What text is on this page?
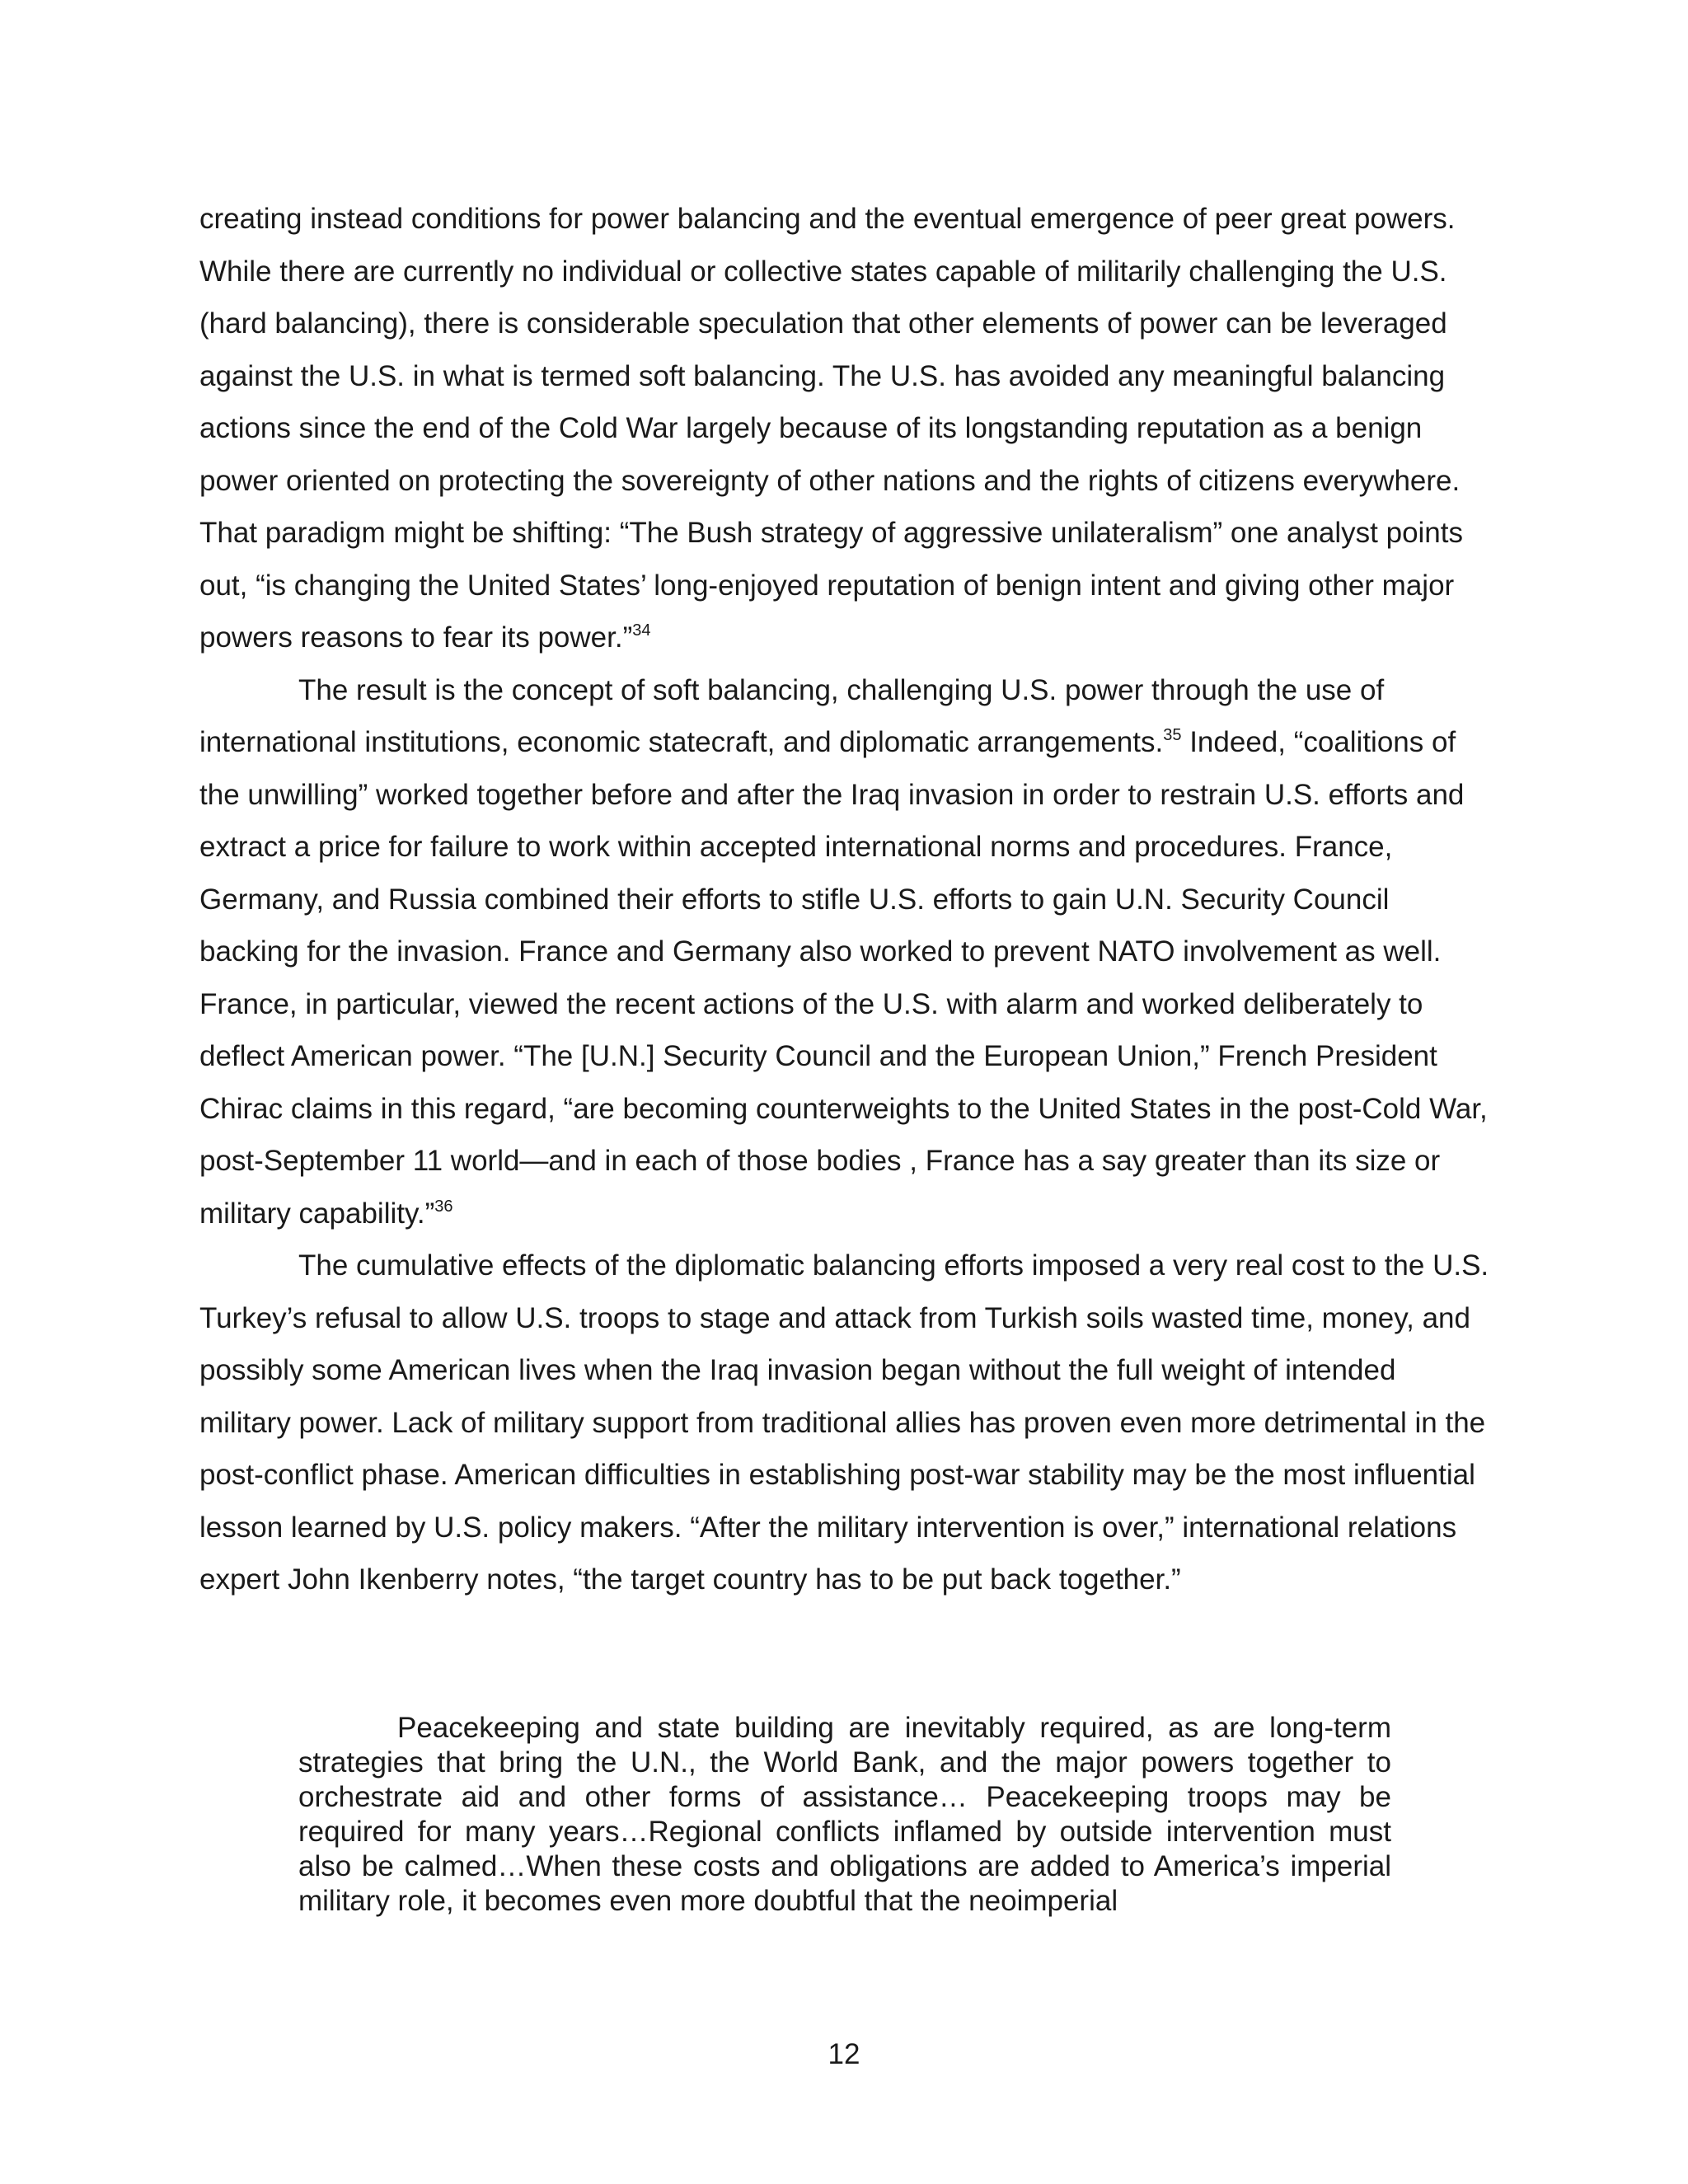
creating instead conditions for power balancing and the eventual emergence of peer great powers. While there are currently no individual or collective states capable of militarily challenging the U.S. (hard balancing), there is considerable speculation that other elements of power can be leveraged against the U.S. in what is termed soft balancing. The U.S. has avoided any meaningful balancing actions since the end of the Cold War largely because of its longstanding reputation as a benign power oriented on protecting the sovereignty of other nations and the rights of citizens everywhere. That paradigm might be shifting: “The Bush strategy of aggressive unilateralism” one analyst points out, “is changing the United States’ long-enjoyed reputation of benign intent and giving other major powers reasons to fear its power.”$^{34}$

The result is the concept of soft balancing, challenging U.S. power through the use of international institutions, economic statecraft, and diplomatic arrangements.$^{35}$ Indeed, “coalitions of the unwilling” worked together before and after the Iraq invasion in order to restrain U.S. efforts and extract a price for failure to work within accepted international norms and procedures. France, Germany, and Russia combined their efforts to stifle U.S. efforts to gain U.N. Security Council backing for the invasion. France and Germany also worked to prevent NATO involvement as well. France, in particular, viewed the recent actions of the U.S. with alarm and worked deliberately to deflect American power. “The [U.N.] Security Council and the European Union,” French President Chirac claims in this regard, “are becoming counterweights to the United States in the post-Cold War, post-September 11 world—and in each of those bodies , France has a say greater than its size or military capability.”$^{36}$

The cumulative effects of the diplomatic balancing efforts imposed a very real cost to the U.S. Turkey’s refusal to allow U.S. troops to stage and attack from Turkish soils wasted time, money, and possibly some American lives when the Iraq invasion began without the full weight of intended military power. Lack of military support from traditional allies has proven even more detrimental in the post-conflict phase. American difficulties in establishing post-war stability may be the most influential lesson learned by U.S. policy makers. “After the military intervention is over,” international relations expert John Ikenberry notes, “the target country has to be put back together.”

Peacekeeping and state building are inevitably required, as are long-term strategies that bring the U.N., the World Bank, and the major powers together to orchestrate aid and other forms of assistance… Peacekeeping troops may be required for many years…Regional conflicts inflamed by outside intervention must also be calmed…When these costs and obligations are added to America’s imperial military role, it becomes even more doubtful that the neoimperial

12
